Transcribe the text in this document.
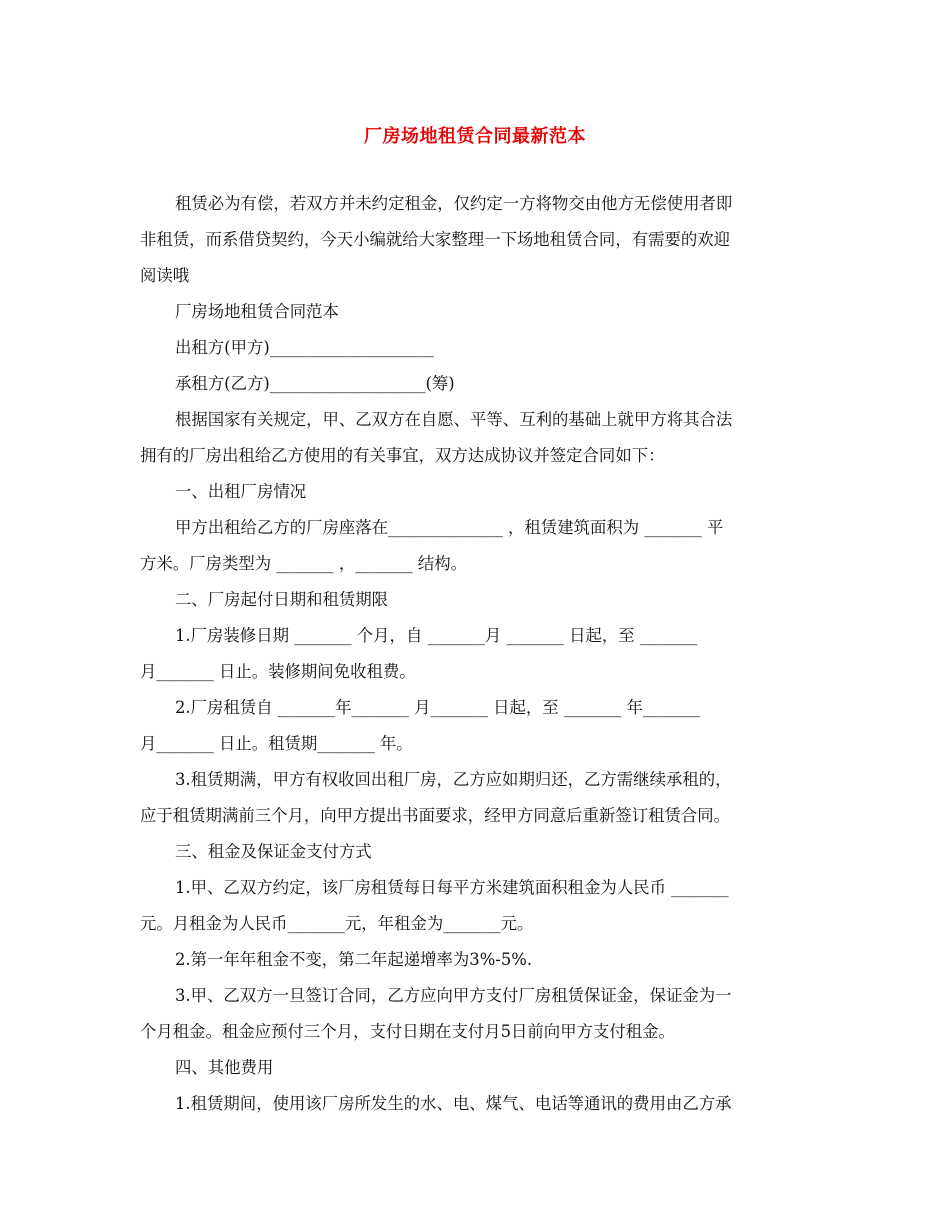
厂房场地租赁合同最新范本
租赁必为有偿，若双方并未约定租金，仅约定一方将物交由他方无偿使用者即
非租赁，而系借贷契约，今天小编就给大家整理一下场地租赁合同，有需要的欢迎
阅读哦
厂房场地租赁合同范本
出租方(甲方)____________________
承租方(乙方)___________________(筹)
根据国家有关规定，甲、乙双方在自愿、平等、互利的基础上就甲方将其合法
拥有的厂房出租给乙方使用的有关事宜，双方达成协议并签定合同如下：
一、出租厂房情况
甲方出租给乙方的厂房座落在______________ ，租赁建筑面积为 _______ 平
方米。厂房类型为 _______ ，_______ 结构。
二、厂房起付日期和租赁期限
1.厂房装修日期 _______ 个月，自 _______月 _______ 日起，至 _______
月_______ 日止。装修期间免收租费。
2.厂房租赁自 _______年_______ 月_______ 日起，至 _______ 年_______
月_______ 日止。租赁期_______ 年。
3.租赁期满，甲方有权收回出租厂房，乙方应如期归还，乙方需继续承租的，
应于租赁期满前三个月，向甲方提出书面要求，经甲方同意后重新签订租赁合同。
三、租金及保证金支付方式
1.甲、乙双方约定，该厂房租赁每日每平方米建筑面积租金为人民币 _______
元。月租金为人民币_______元，年租金为_______元。
2.第一年年租金不变，第二年起递增率为3%-5%.
3.甲、乙双方一旦签订合同，乙方应向甲方支付厂房租赁保证金，保证金为一
个月租金。租金应预付三个月，支付日期在支付月5日前向甲方支付租金。
四、其他费用
1.租赁期间，使用该厂房所发生的水、电、煤气、电话等通讯的费用由乙方承
